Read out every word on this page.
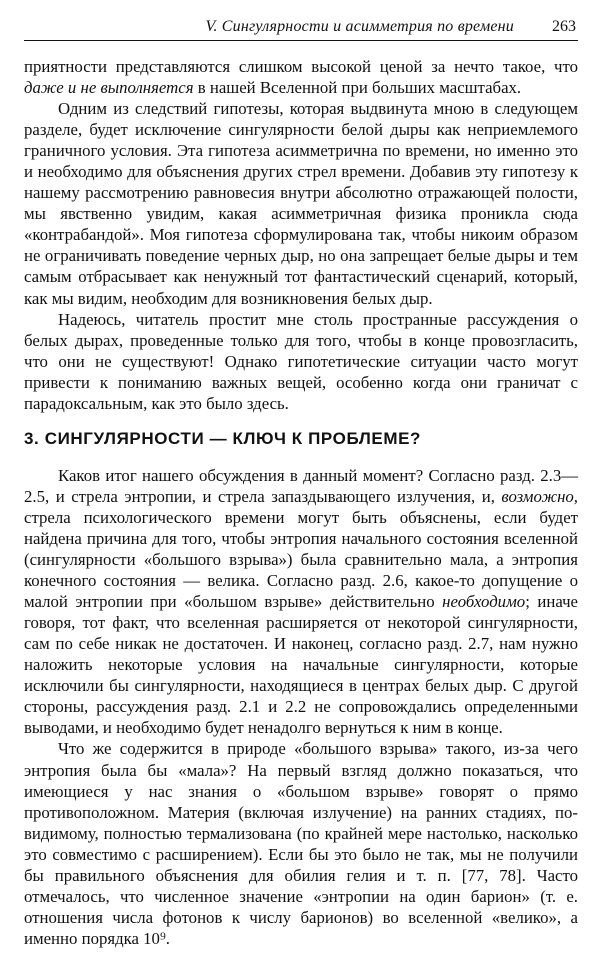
V. Сингулярности и асимметрия по времени 263

приятности представляются слишком высокой ценой за нечто такое, что даже и не выполняется в нашей Вселенной при больших масштабах.

Одним из следствий гипотезы, которая выдвинута мною в следующем разделе, будет исключение сингулярности белой дыры как неприемлемого граничного условия. Эта гипотеза асимметрична по времени, но именно это и необходимо для объяснения других стрел времени. Добавив эту гипотезу к нашему рассмотрению равновесия внутри абсолютно отражающей полости, мы явственно увидим, какая асимметричная физика проникла сюда «контрабандой». Моя гипотеза сформулирована так, чтобы никоим образом не ограничивать поведение черных дыр, но она запрещает белые дыры и тем самым отбрасывает как ненужный тот фантастический сценарий, который, как мы видим, необходим для возникновения белых дыр.

Надеюсь, читатель простит мне столь пространные рассуждения о белых дырах, проведенные только для того, чтобы в конце провозгласить, что они не существуют! Однако гипотетические ситуации часто могут привести к пониманию важных вещей, особенно когда они граничат с парадоксальным, как это было здесь.

3. СИНГУЛЯРНОСТИ — КЛЮЧ К ПРОБЛЕМЕ?

Каков итог нашего обсуждения в данный момент? Согласно разд. 2.3—2.5, и стрела энтропии, и стрела запаздывающего излучения, и, возможно, стрела психологического времени могут быть объяснены, если будет найдена причина для того, чтобы энтропия начального состояния вселенной (сингулярности «большого взрыва») была сравнительно мала, а энтропия конечного состояния — велика. Согласно разд. 2.6, какое-то допущение о малой энтропии при «большом взрыве» действительно необходимо; иначе говоря, тот факт, что вселенная расширяется от некоторой сингулярности, сам по себе никак не достаточен. И наконец, согласно разд. 2.7, нам нужно наложить некоторые условия на начальные сингулярности, которые исключили бы сингулярности, находящиеся в центрах белых дыр. С другой стороны, рассуждения разд. 2.1 и 2.2 не сопровождались определенными выводами, и необходимо будет ненадолго вернуться к ним в конце.

Что же содержится в природе «большого взрыва» такого, из-за чего энтропия была бы «мала»? На первый взгляд должно показаться, что имеющиеся у нас знания о «большом взрыве» говорят о прямо противоположном. Материя (включая излучение) на ранних стадиях, по-видимому, полностью термализована (по крайней мере настолько, насколько это совместимо с расширением). Если бы это было не так, мы не получили бы правильного объяснения для обилия гелия и т. п. [77, 78]. Часто отмечалось, что численное значение «энтропии на один барион» (т. е. отношения числа фотонов к числу барионов) во вселенной «велико», а именно порядка 10⁹.
